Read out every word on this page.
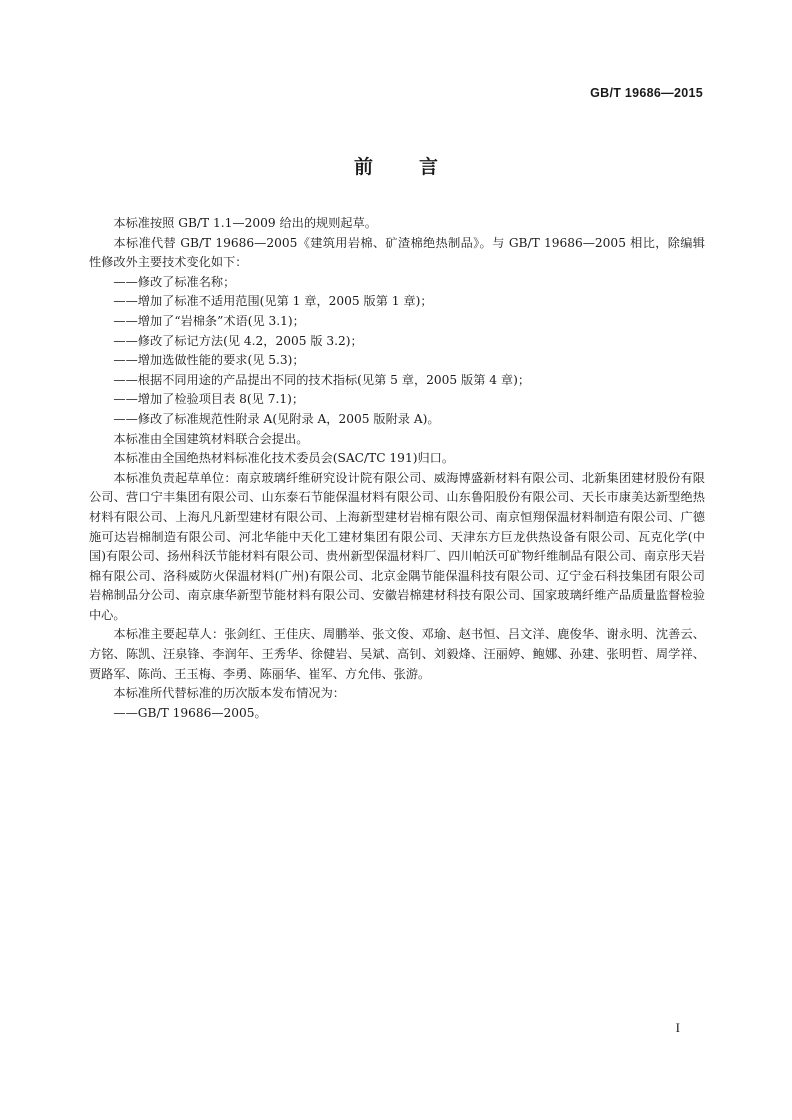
GB/T 19686—2015
前 言

本标准按照 GB/T 1.1—2009 给出的规则起草。

本标准代替 GB/T 19686—2005《建筑用岩棉、矿渣棉绝热制品》。与 GB/T 19686—2005 相比，除编辑性修改外主要技术变化如下：

——修改了标准名称；

——增加了标准不适用范围(见第 1 章，2005 版第 1 章)；

——增加了“岩棉条”术语(见 3.1)；

——修改了标记方法(见 4.2，2005 版 3.2)；

——增加选做性能的要求(见 5.3)；

——根据不同用途的产品提出不同的技术指标(见第 5 章，2005 版第 4 章)；

——增加了检验项目表 8(见 7.1)；

——修改了标准规范性附录 A(见附录 A，2005 版附录 A)。

本标准由全国建筑材料联合会提出。

本标准由全国绝热材料标准化技术委员会(SAC/TC 191)归口。

本标准负责起草单位：南京玻璃纤维研究设计院有限公司、威海博盛新材料有限公司、北新集团建材股份有限公司、营口宁丰集团有限公司、山东泰石节能保温材料有限公司、山东鲁阳股份有限公司、天长市康美达新型绝热材料有限公司、上海凡凡新型建材有限公司、上海新型建材岩棉有限公司、南京恒翔保温材料制造有限公司、广德施可达岩棉制造有限公司、河北华能中天化工建材集团有限公司、天津东方巨龙供热设备有限公司、瓦克化学(中国)有限公司、扬州科沃节能材料有限公司、贵州新型保温材料厂、四川帕沃可矿物纤维制品有限公司、南京彤天岩棉有限公司、洛科威防火保温材料(广州)有限公司、北京金隅节能保温科技有限公司、辽宁金石科技集团有限公司岩棉制品分公司、南京康华新型节能材料有限公司、安徽岩棉建材科技有限公司、国家玻璃纤维产品质量监督检验中心。

本标准主要起草人：张剑红、王佳庆、周鹏举、张文俊、邓瑜、赵书恒、吕文洋、鹿俊华、谢永明、沈善云、方铭、陈凯、汪泉锋、李润年、王秀华、徐健岩、吴斌、高钊、刘毅烽、汪丽婷、鲍娜、孙建、张明哲、周学祥、贾路军、陈尚、王玉梅、李勇、陈丽华、崔军、方允伟、张游。

本标准所代替标准的历次版本发布情况为：

——GB/T 19686—2005。

I
